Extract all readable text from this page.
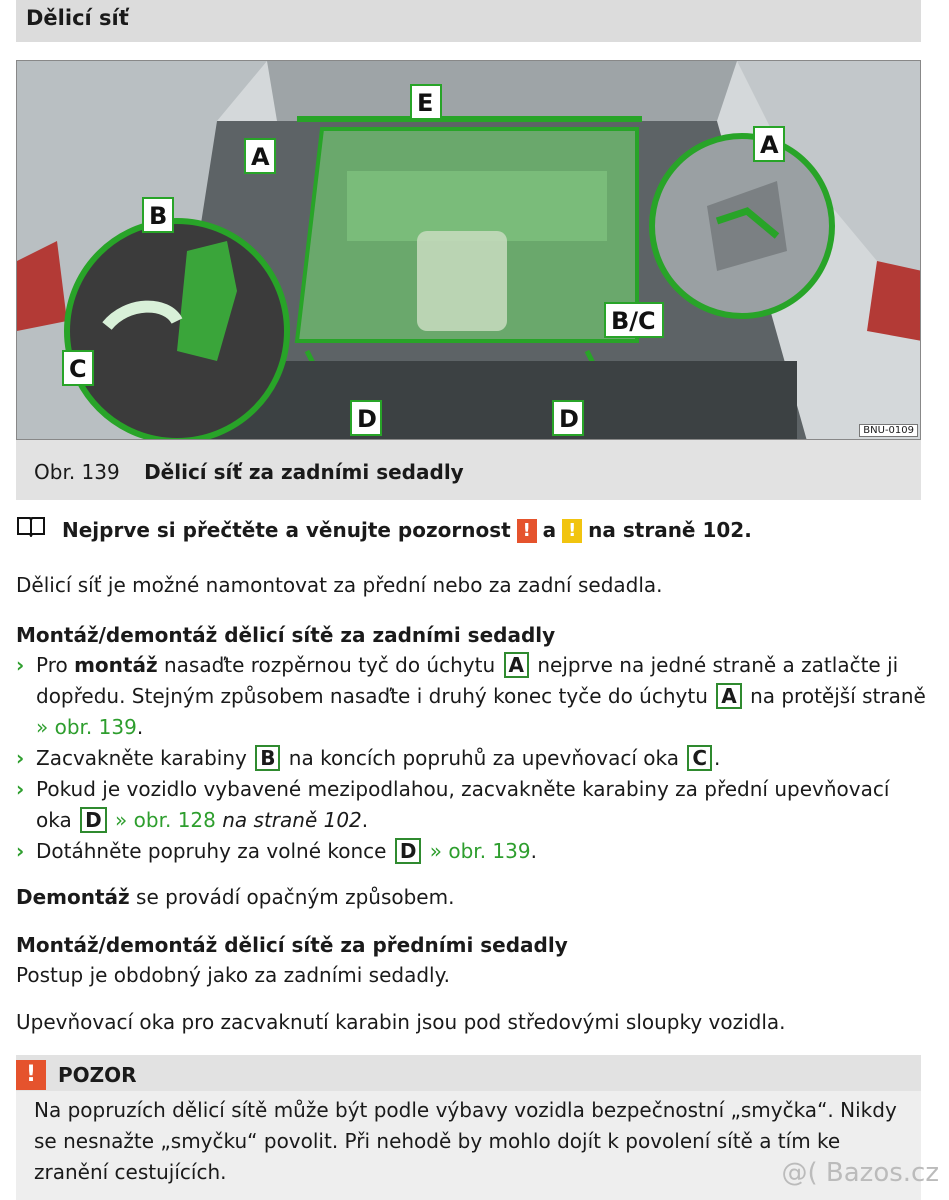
Dělicí síť
A
E
A
B
C
B/C
D	D	BNU-0109
Obr. 139 Dělicí síť za zadními sedadly
Nejprve si přečtěte a věnujte pozornost ! a ! na straně 102.
Dělicí síť je možné namontovat za přední nebo za zadní sedadla.
Montáž/demontáž dělicí sítě za zadními sedadly
› Pro montáž nasaďte rozpěrnou tyč do úchytu A nejprve na jedné straně a zatlačte ji dopředu. Stejným způsobem nasaďte i druhý konec tyče do úchytu A na protější straně » obr. 139.
› Zacvakněte karabiny B na koncích popruhů za upevňovací oka C .
› Pokud je vozidlo vybavené mezipodlahou, zacvakněte karabiny za přední upevňovací oka D » obr. 128 na straně 102.
› Dotáhněte popruhy za volné konce D » obr. 139.
Demontáž se provádí opačným způsobem.
Montáž/demontáž dělicí sítě za předními sedadly
Postup je obdobný jako za zadními sedadly.
Upevňovací oka pro zacvaknutí karabin jsou pod středovými sloupky vozidla.
!	POZOR
Na popruzích dělicí sítě může být podle výbavy vozidla bezpečnostní „smyčka“. Nikdy se nesnažte „smyčku“ povolit. Při nehodě by mohlo dojít k povolení sítě a tím ke zranění cestujících.	@( Bazos.cz
